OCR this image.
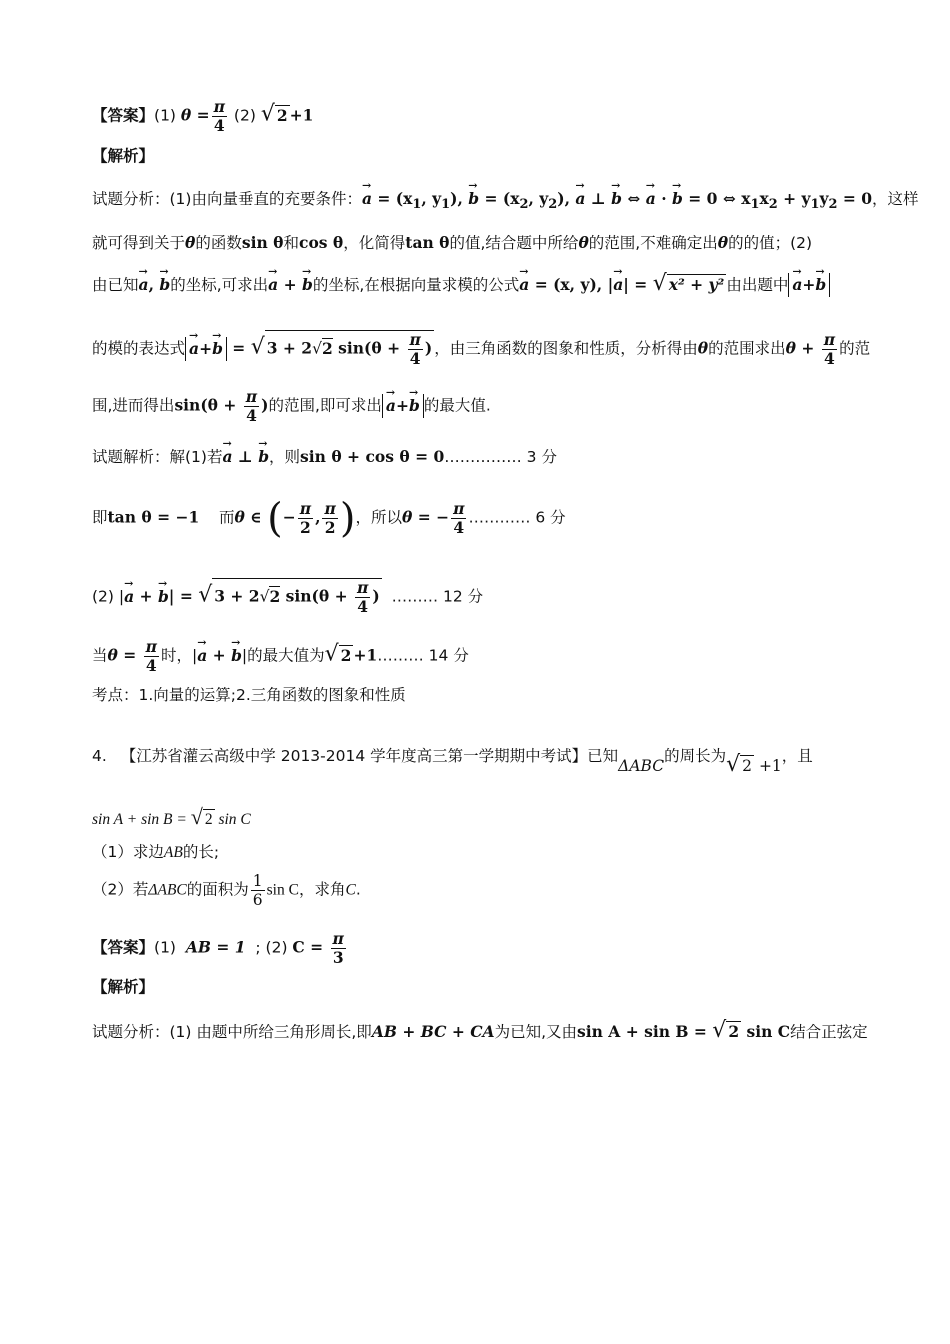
【答案】(1) $\theta = \frac{\pi}{4} (2)$ √ 2 +1
【解析】
试题分析：(1)由向量垂直的充要条件：→ $a = (x_1$, $y_1$), → $b = (x_2$, $y_2$), → a ⊥ → b ⇔ → a · → b = 0 ⇔ $x_1x_2 + y_1y_2 = 0$，这样
就可得到关于θ的函数sin θ和cos θ，化简得tan θ的值,结合题中所给θ的范围,不难确定出θ的的值；(2)
由已知→ a, → b的坐标,可求出→ a + → b的坐标,在根据向量求模的公式→ a = (x, y), |→ a| = √ x² + y² 由出题中 → a+→ b
的模的表达式 → a+→ b = √ 3 + 2√2 $\sin(\theta + \frac{\pi}{4}$ ) ，由三角函数的图象和性质，分析得由θ的范围求出$\theta + \frac{\pi}{4}$ 的范
围,进而得出$\sin(\theta + \frac{\pi}{4}$ )的范围,即可求出 → a+→ b 的最大值.
试题解析：解(1)若→ a ⊥ → b，则sin θ + cos θ = 0…………… 3 分
即tan θ = −1    而θ ∈ (− $\frac{\pi}{2}$ , $\frac{\pi}{2}$ )，所以θ = − $\frac{\pi}{4}$ ………… 6 分
(2) |→ a + → b| = √ 3 + 2√2 $\sin(\theta + \frac{\pi}{4}$ )  ……… 12 分
当$\theta = \frac{\pi}{4}$ 时，|→ a + → b|的最大值为√ 2 +1……… 14 分
考点：1.向量的运算;2.三角函数的图象和性质
4. 【江苏省灌云高级中学 2013-2014 学年度高三第一学期期中考试】已知ΔABC的周长为√ 2 +1，且
sin A + sin B = √ 2 sin C
（1）求边AB的长;
（2）若ΔABC的面积为 $\frac{1}{6}$ sin C，求角C.
【答案】(1)  AB = 1  ; (2) $C = \frac{\pi}{3}$
【解析】
试题分析：(1) 由题中所给三角形周长,即AB + BC + CA为已知,又由sin A + sin B = √ 2 sin C结合正弦定
